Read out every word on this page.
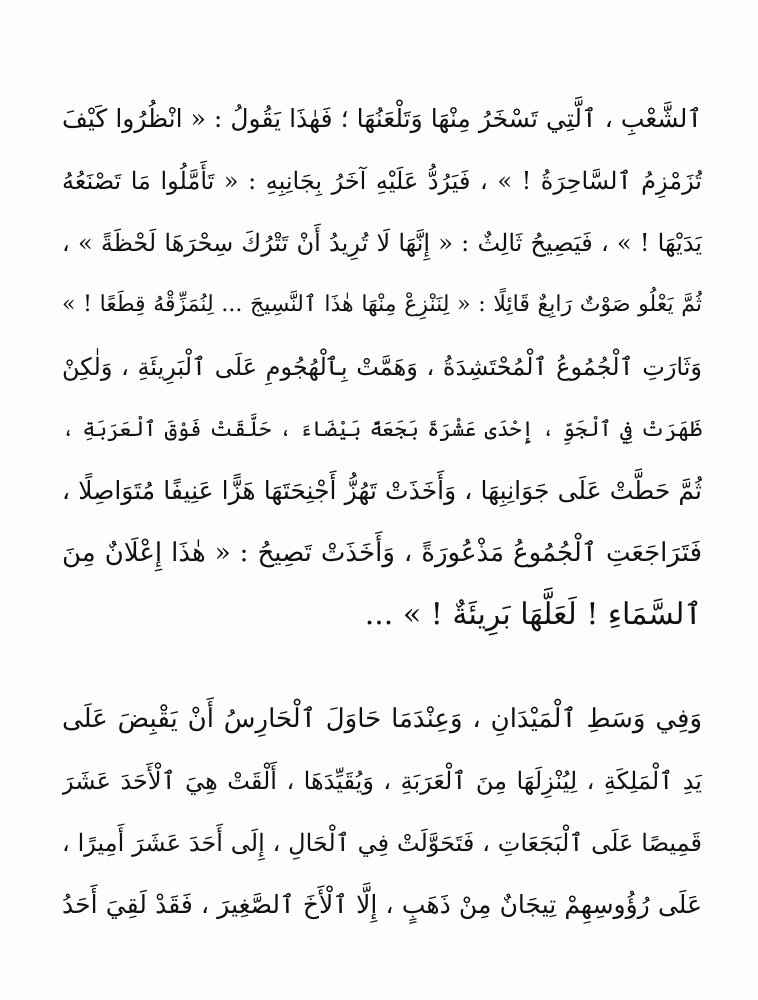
ٱلشَّعْبِ ، ٱلَّتِي تَسْخَرُ مِنْهَا وَتَلْعَنُهَا ؛ فَهٰذَا يَقُولُ : « انْظُرُوا كَيْفَ
تُزَمْزِمُ ٱلسَّاحِرَةُ ! » ، فَيَرُدُّ عَلَيْهِ آخَرُ بِجَانِبِهِ : « تَأَمَّلُوا مَا تَصْنَعُهُ
يَدَيْهَا ! » ، فَيَصِيحُ ثَالِثٌ : « إِنَّهَا لَا تُرِيدُ أَنْ تَتْرُكَ سِحْرَهَا لَحْظَةً » ،
ثُمَّ يَعْلُو صَوْتٌ رَابِعٌ قَائِلًا : « لِنَنْزِعْ مِنْهَا هٰذَا ٱلنَّسِيجَ ... لِنُمَزِّقْهُ قِطَعًا ! »
وَثَارَتِ ٱلْجُمُوعُ ٱلْمُحْتَشِدَةُ ، وَهَمَّتْ بِٱلْهُجُومِ عَلَى ٱلْبَرِيئَةِ ، وَلٰكِنْ
ظَهَرَتْ فِي ٱلْجَوِّ ، إِحْدَى عَشْرَةَ بَجَعَةً بَيْضَاءَ ، حَلَّقَتْ فَوْقَ ٱلْعَرَبَةِ ،
ثُمَّ حَطَّتْ عَلَى جَوَانِبِهَا ، وَأَخَذَتْ تَهُزُّ أَجْنِحَتَهَا هَزًّا عَنِيفًا مُتَوَاصِلًا ،
فَتَرَاجَعَتِ ٱلْجُمُوعُ مَذْعُورَةً ، وَأَخَذَتْ تَصِيحُ : « هٰذَا إِعْلَانٌ مِنَ
ٱلسَّمَاءِ ! لَعَلَّهَا بَرِيئَةٌ ! » ...
وَفِي وَسَطِ ٱلْمَيْدَانِ ، وَعِنْدَمَا حَاوَلَ ٱلْحَارِسُ أَنْ يَقْبِضَ عَلَى
يَدِ ٱلْمَلِكَةِ ، لِيُنْزِلَهَا مِنَ ٱلْعَرَبَةِ ، وَيُقَيِّدَهَا ، أَلْقَتْ هِيَ ٱلْأَحَدَ عَشَرَ
قَمِيصًا عَلَى ٱلْبَجَعَاتِ ، فَتَحَوَّلَتْ فِي ٱلْحَالِ ، إِلَى أَحَدَ عَشَرَ أَمِيرًا ،
عَلَى رُؤُوسِهِمْ تِيجَانٌ مِنْ ذَهَبٍ ، إِلَّا ٱلْأَخَ ٱلصَّغِيرَ ، فَقَدْ لَقِيَ أَحَدُ
